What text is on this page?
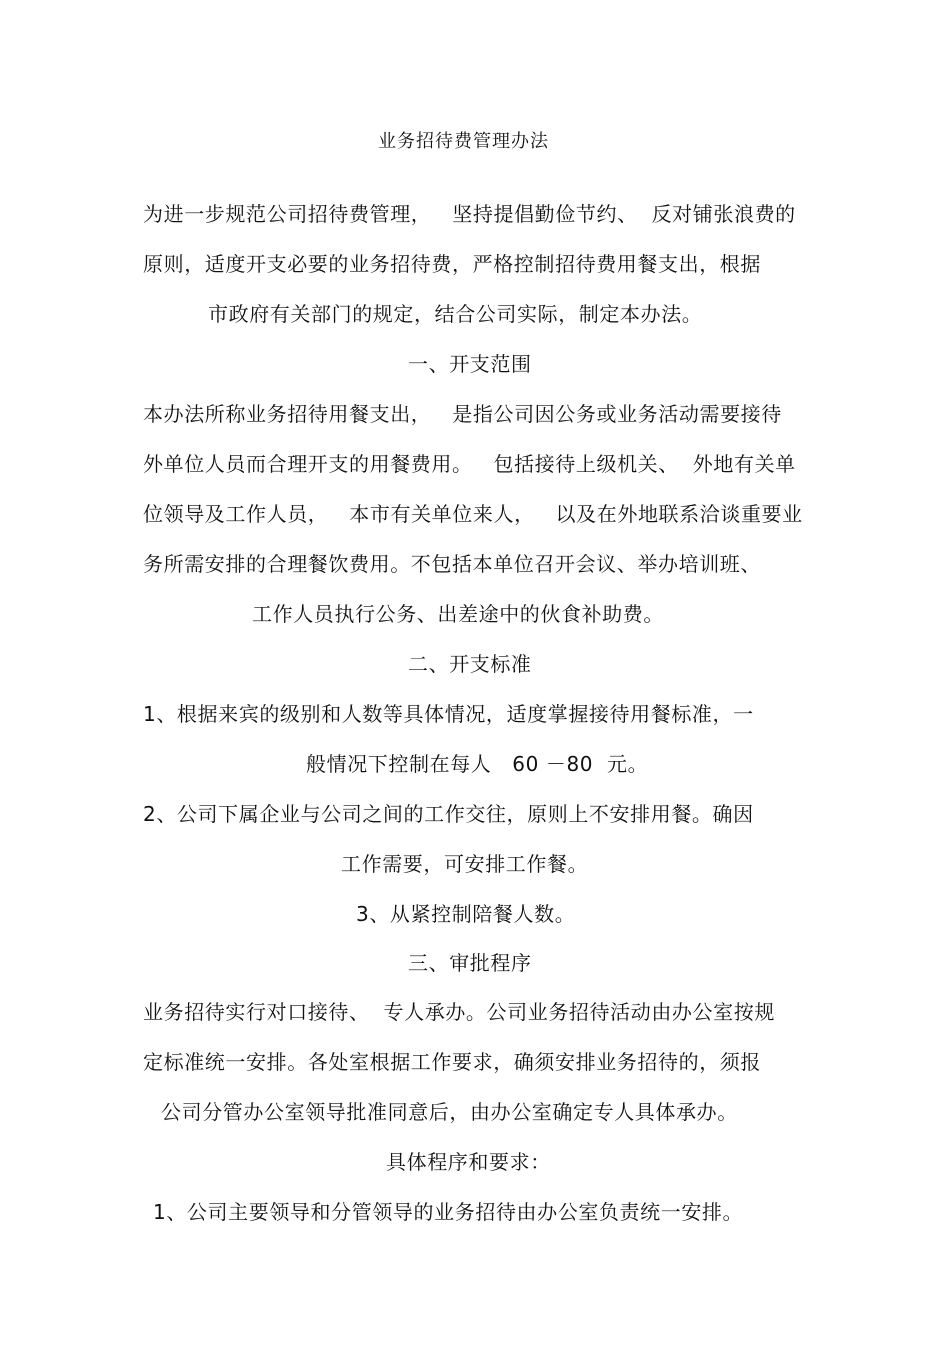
业务招待费管理办法
为进一步规范公司招待费管理，   坚持提倡勤俭节约、  反对铺张浪费的
原则，适度开支必要的业务招待费，严格控制招待费用餐支出，根据
市政府有关部门的规定，结合公司实际，制定本办法。
一、开支范围
本办法所称业务招待用餐支出，   是指公司因公务或业务活动需要接待
外单位人员而合理开支的用餐费用。   包括接待上级机关、  外地有关单
位领导及工作人员，   本市有关单位来人，   以及在外地联系洽谈重要业
务所需安排的合理餐饮费用。不包括本单位召开会议、举办培训班、
工作人员执行公务、出差途中的伙食补助费。
二、开支标准
1、根据来宾的级别和人数等具体情况，适度掌握接待用餐标准，一
般情况下控制在每人   60 －80  元。
2、公司下属企业与公司之间的工作交往，原则上不安排用餐。确因
工作需要，可安排工作餐。
3、从紧控制陪餐人数。
三、审批程序
业务招待实行对口接待、  专人承办。公司业务招待活动由办公室按规
定标准统一安排。各处室根据工作要求，确须安排业务招待的，须报
公司分管办公室领导批准同意后，由办公室确定专人具体承办。
具体程序和要求：
1、公司主要领导和分管领导的业务招待由办公室负责统一安排。
